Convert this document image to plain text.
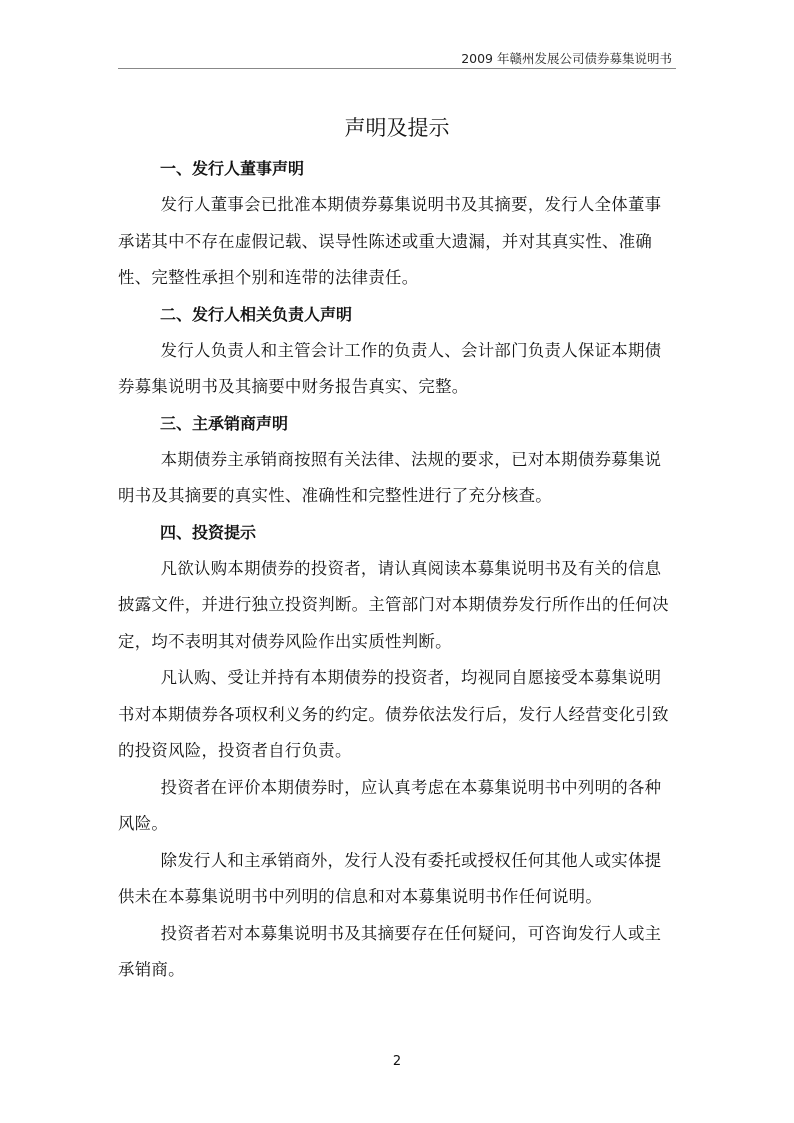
2009 年赣州发展公司债券募集说明书
声明及提示

一、发行人董事声明

发行人董事会已批准本期债券募集说明书及其摘要，发行人全体董事承诺其中不存在虚假记载、误导性陈述或重大遗漏，并对其真实性、准确性、完整性承担个别和连带的法律责任。

二、发行人相关负责人声明

发行人负责人和主管会计工作的负责人、会计部门负责人保证本期债券募集说明书及其摘要中财务报告真实、完整。

三、主承销商声明

本期债券主承销商按照有关法律、法规的要求，已对本期债券募集说明书及其摘要的真实性、准确性和完整性进行了充分核查。

四、投资提示

凡欲认购本期债券的投资者，请认真阅读本募集说明书及有关的信息披露文件，并进行独立投资判断。主管部门对本期债券发行所作出的任何决定，均不表明其对债券风险作出实质性判断。

凡认购、受让并持有本期债券的投资者，均视同自愿接受本募集说明书对本期债券各项权利义务的约定。债券依法发行后，发行人经营变化引致的投资风险，投资者自行负责。

投资者在评价本期债券时，应认真考虑在本募集说明书中列明的各种风险。

除发行人和主承销商外，发行人没有委托或授权任何其他人或实体提供未在本募集说明书中列明的信息和对本募集说明书作任何说明。

投资者若对本募集说明书及其摘要存在任何疑问，可咨询发行人或主承销商。

2
